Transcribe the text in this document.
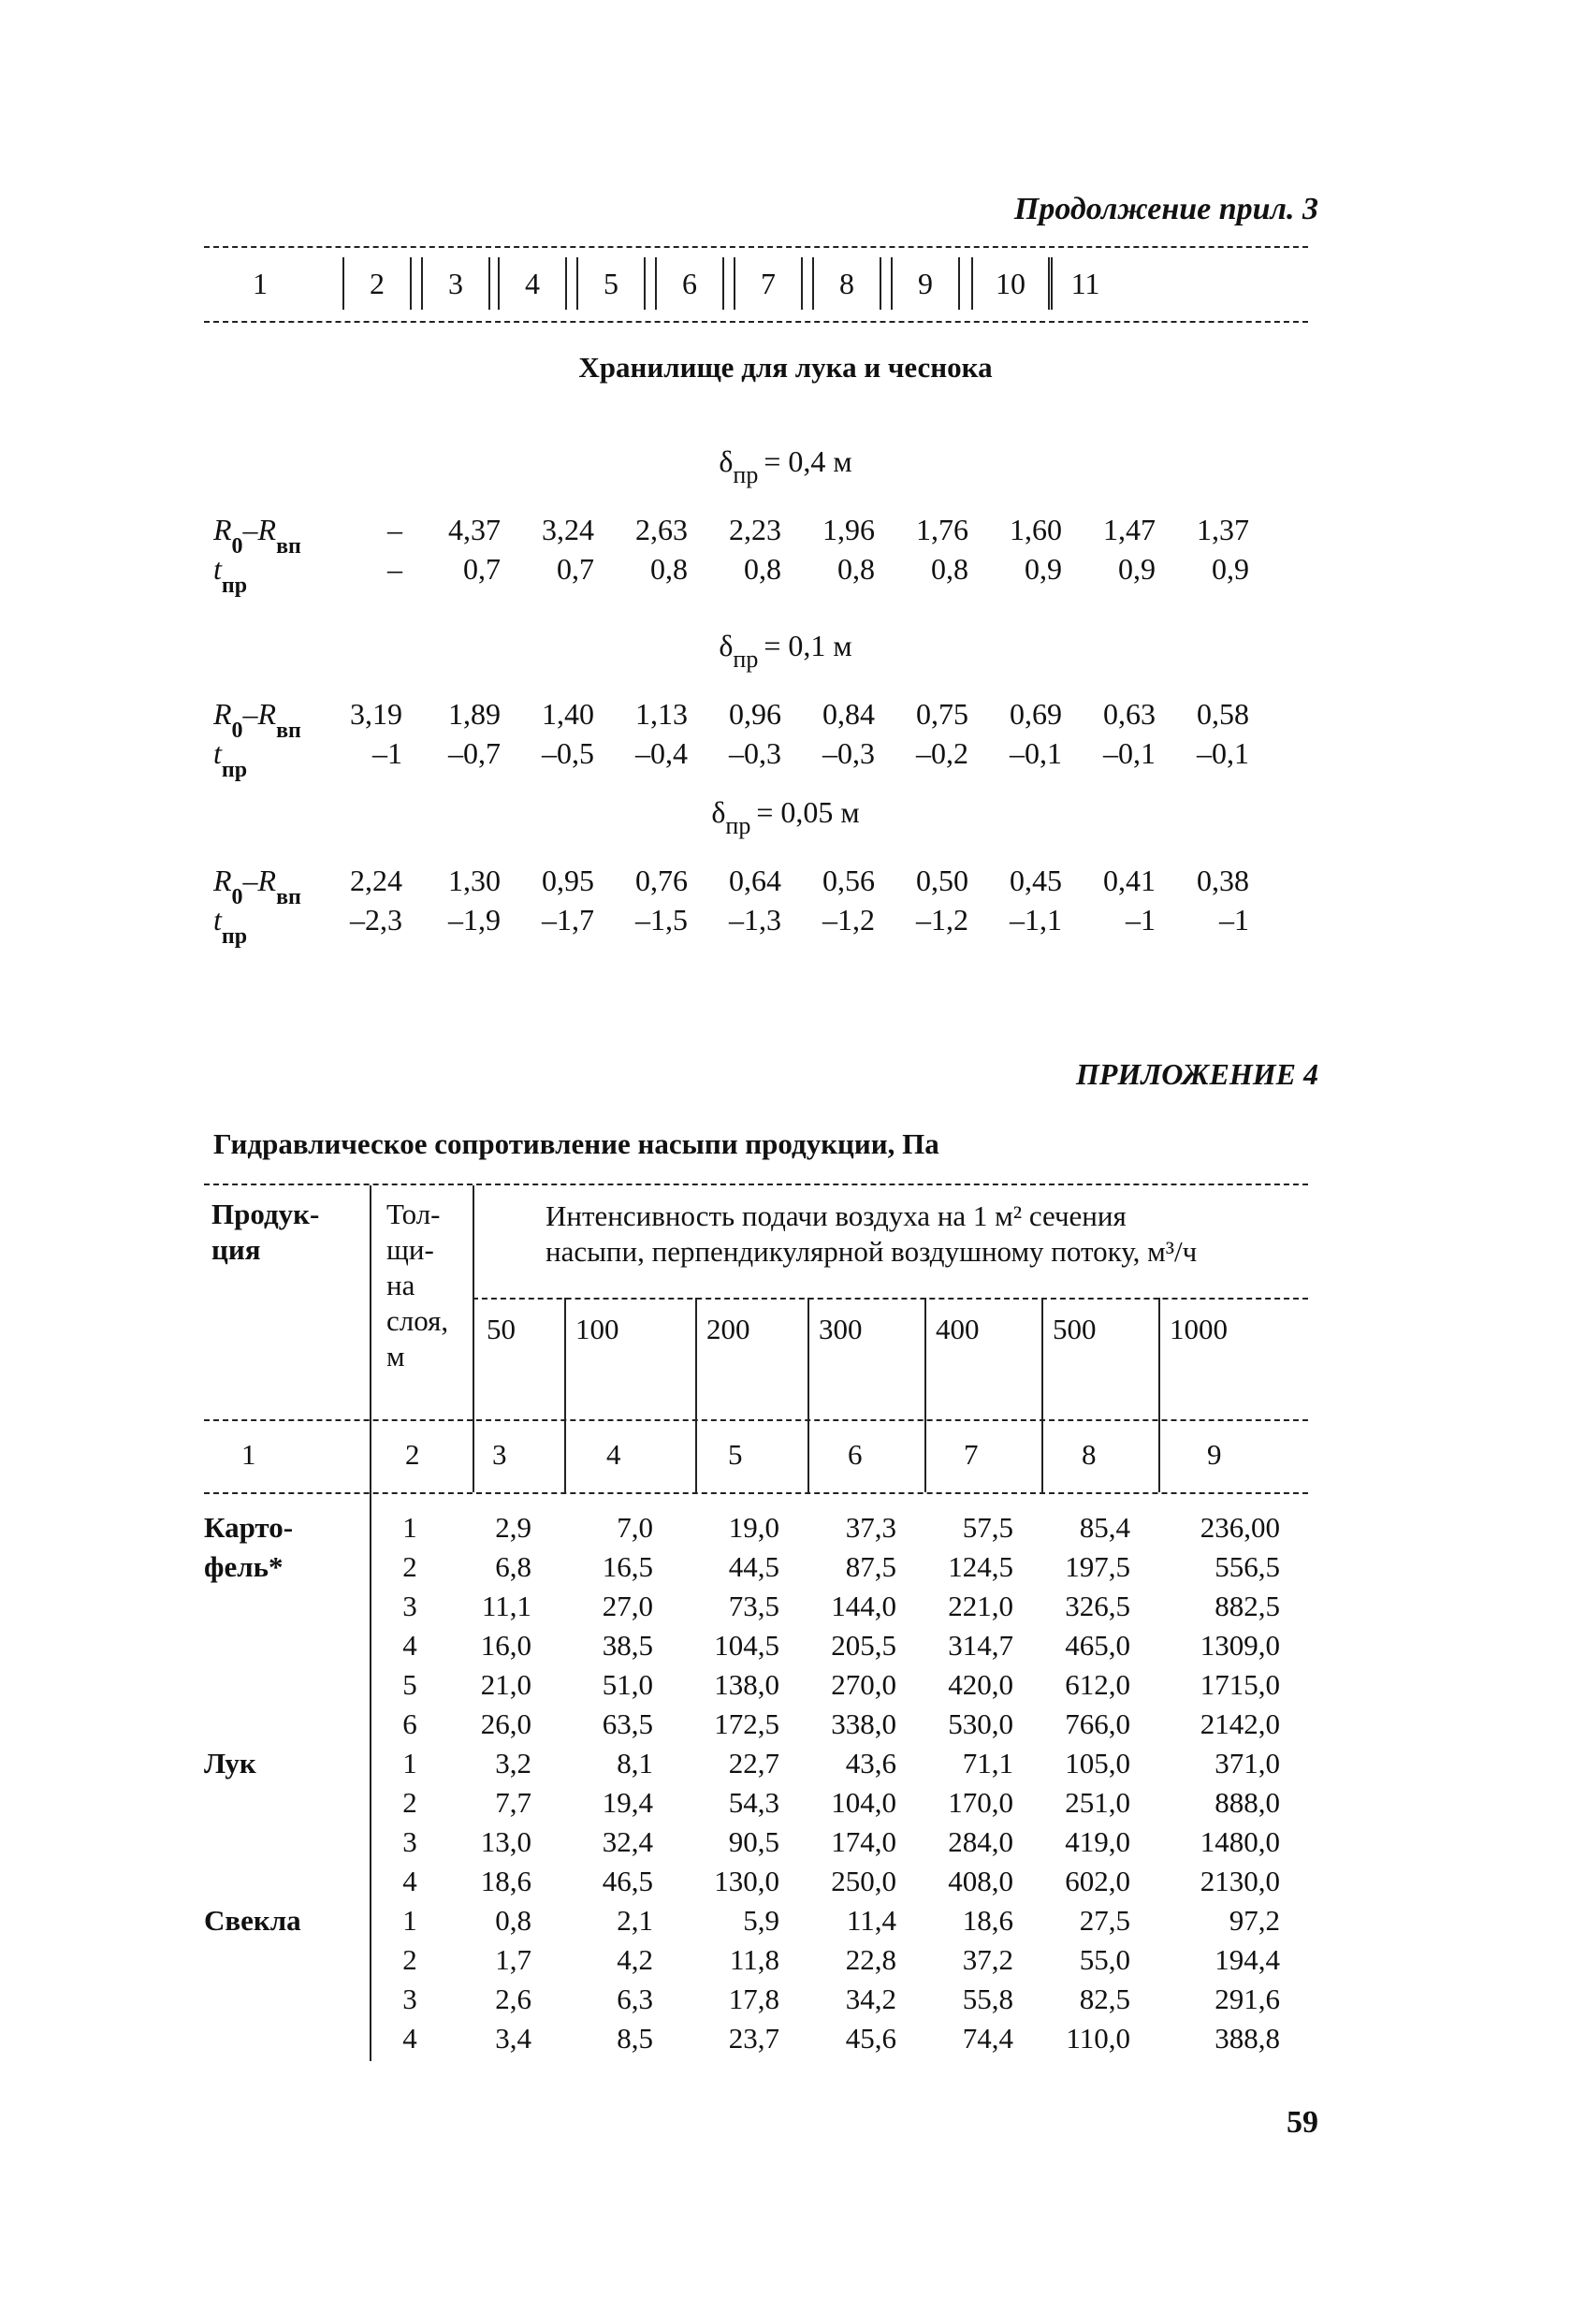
Продолжение прил. 3
1	2	3	4	5	6	7	8	9	10	11
Хранилище для лука и чеснока
$\delta_{пр} = 0,4$ м
$R_0-R_{вп}$	–	4,37	3,24	2,63	2,23	1,96	1,76	1,60	1,47	1,37
$t_{пр}$	–	0,7	0,7	0,8	0,8	0,8	0,8	0,9	0,9	0,9
$\delta_{пр} = 0,1$ м
$R_0-R_{вп}$	3,19	1,89	1,40	1,13	0,96	0,84	0,75	0,69	0,63	0,58
$t_{пр}$	–1	–0,7	–0,5	–0,4	–0,3	–0,3	–0,2	–0,1	–0,1	–0,1
$\delta_{пр} = 0,05$ м
$R_0-R_{вп}$	2,24	1,30	0,95	0,76	0,64	0,56	0,50	0,45	0,41	0,38
$t_{пр}$	–2,3	–1,9	–1,7	–1,5	–1,3	–1,2	–1,2	–1,1	–1	–1
ПРИЛОЖЕНИЕ 4
Гидравлическое сопротивление насыпи продукции, Па
Продук-
ция
Тол-
щи-
на
слоя,
м
Интенсивность подачи воздуха на 1 м² сечения
насыпи, перпендикулярной воздушному потоку, м³/ч
50 100	200 300	400	500	1000
1	2	3	4	5	6	7	8	9
Карто-	1	2,9	7,0	19,0	37,3	57,5	85,4	236,00
фель*	2	6,8	16,5	44,5	87,5	124,5	197,5	556,5
3	11,1	27,0	73,5	144,0	221,0	326,5	882,5
4	16,0	38,5	104,5	205,5	314,7	465,0	1309,0
5	21,0	51,0	138,0	270,0	420,0	612,0	1715,0
6	26,0	63,5	172,5	338,0	530,0	766,0	2142,0
Лук	1	3,2	8,1	22,7	43,6	71,1	105,0	371,0
2	7,7	19,4	54,3	104,0	170,0	251,0	888,0
3	13,0	32,4	90,5	174,0	284,0	419,0	1480,0
4	18,6	46,5	130,0	250,0	408,0	602,0	2130,0
Свекла	1	0,8	2,1	5,9	11,4	18,6	27,5	97,2
2	1,7	4,2	11,8	22,8	37,2	55,0	194,4
3	2,6	6,3	17,8	34,2	55,8	82,5	291,6
4	3,4	8,5	23,7	45,6	74,4	110,0	388,8
59
